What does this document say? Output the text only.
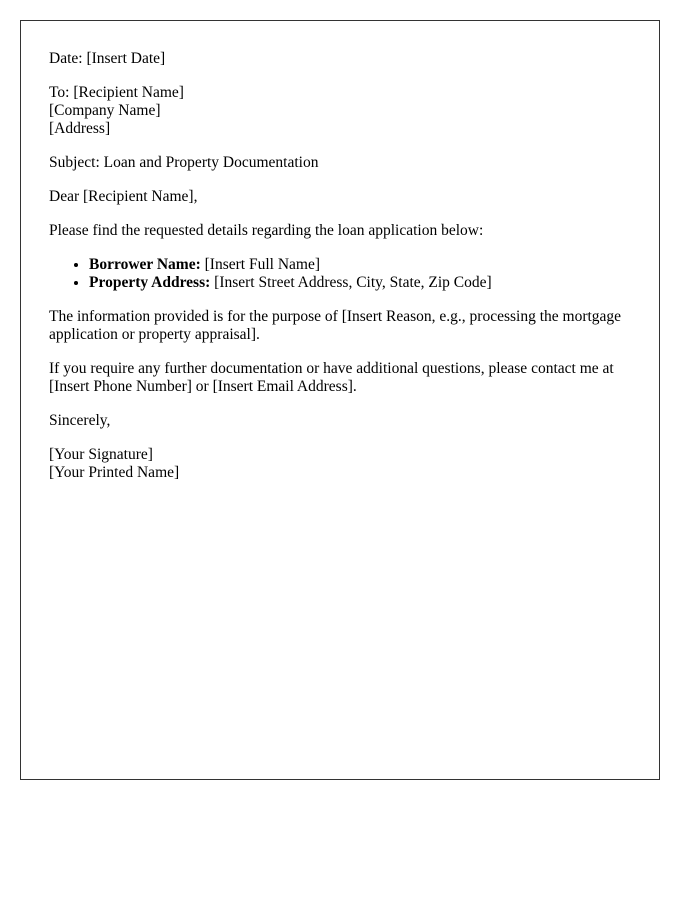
Date: [Insert Date]

To: [Recipient Name]
[Company Name]
[Address]

Subject: Loan and Property Documentation

Dear [Recipient Name],

Please find the requested details regarding the loan application below:

• Borrower Name: [Insert Full Name]
• Property Address: [Insert Street Address, City, State, Zip Code]

The information provided is for the purpose of [Insert Reason, e.g., processing the mortgage application or property appraisal].

If you require any further documentation or have additional questions, please contact me at [Insert Phone Number] or [Insert Email Address].

Sincerely,

[Your Signature]
[Your Printed Name]
